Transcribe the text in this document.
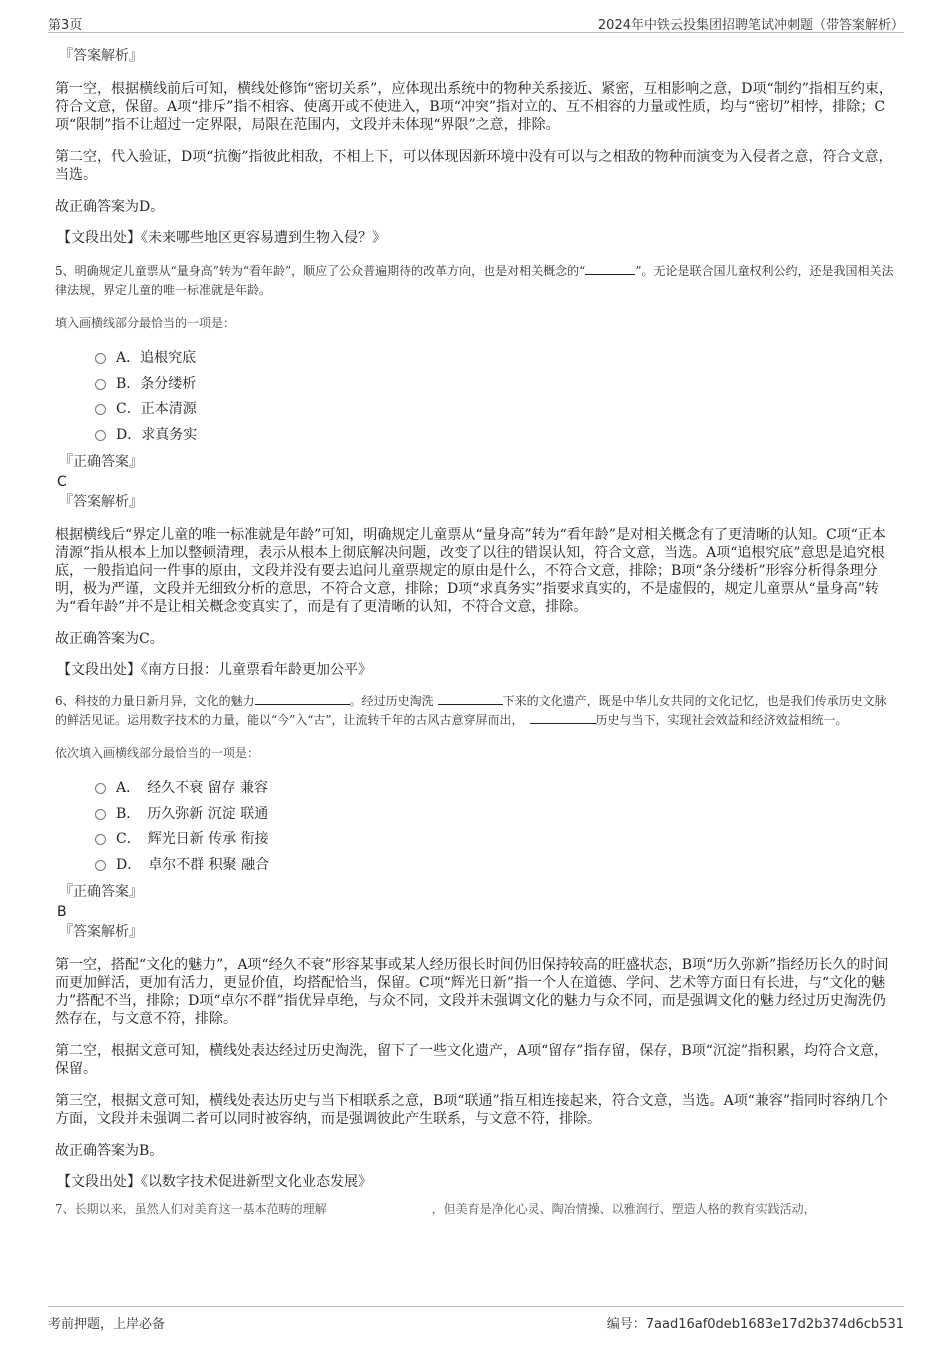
第3页	2024年中铁云投集团招聘笔试冲刺题（带答案解析）

『答案解析』

第一空，根据横线前后可知，横线处修饰“密切关系”，应体现出系统中的物种关系接近、紧密，互相影响之意，D项“制约”指相互约束，符合文意，保留。A项“排斥”指不相容、使离开或不使进入，B项“冲突”指对立的、互不相容的力量或性质，均与“密切”相悖，排除；C项“限制”指不让超过一定界限，局限在范围内，文段并未体现“界限”之意，排除。

第二空，代入验证，D项“抗衡”指彼此相敌，不相上下，可以体现因新环境中没有可以与之相敌的物种而演变为入侵者之意，符合文意，当选。

故正确答案为D。

【文段出处】《未来哪些地区更容易遭到生物入侵？》

5、明确规定儿童票从“量身高”转为“看年龄”，顺应了公众普遍期待的改革方向，也是对相关概念的“	”。无论是联合国儿童权利公约，还是我国相关法律法规，界定儿童的唯一标准就是年龄。

填入画横线部分最恰当的一项是：

A．追根究底
B．条分缕析
C．正本清源
D．求真务实

『正确答案』

C

『答案解析』

根据横线后“界定儿童的唯一标准就是年龄”可知，明确规定儿童票从“量身高”转为“看年龄”是对相关概念有了更清晰的认知。C项“正本清源”指从根本上加以整顿清理，表示从根本上彻底解决问题，改变了以往的错误认知，符合文意，当选。A项“追根究底”意思是追究根底，一般指追问一件事的原由，文段并没有要去追问儿童票规定的原由是什么，不符合文意，排除；B项“条分缕析”形容分析得条理分明，极为严谨，文段并无细致分析的意思，不符合文意，排除；D项“求真务实”指要求真实的，不是虚假的，规定儿童票从“量身高”转为“看年龄”并不是让相关概念变真实了，而是有了更清晰的认知，不符合文意，排除。

故正确答案为C。

【文段出处】《南方日报：儿童票看年龄更加公平》

6、科技的力量日新月异，文化的魅力	。经过历史淘洗	下来的文化遗产，既是中华儿女共同的文化记忆，也是我们传承历史文脉的鲜活见证。运用数字技术的力量，能以“今”入“古”，让流转千年的古风古意穿屏而出，	历史与当下，实现社会效益和经济效益相统一。

依次填入画横线部分最恰当的一项是：

A．　经久不衰 留存 兼容
B．　历久弥新 沉淀 联通
C．　辉光日新 传承 衔接
D．　卓尔不群 积聚 融合

『正确答案』

B

『答案解析』

第一空，搭配“文化的魅力”，A项“经久不衰”形容某事或某人经历很长时间仍旧保持较高的旺盛状态，B项“历久弥新”指经历长久的时间而更加鲜活，更加有活力，更显价值，均搭配恰当，保留。C项“辉光日新”指一个人在道德、学问、艺术等方面日有长进，与“文化的魅力”搭配不当，排除；D项“卓尔不群”指优异卓绝，与众不同，文段并未强调文化的魅力与众不同，而是强调文化的魅力经过历史淘洗仍然存在，与文意不符，排除。

第二空，根据文意可知，横线处表达经过历史淘洗，留下了一些文化遗产，A项“留存”指存留，保存，B项“沉淀”指积累，均符合文意，保留。

第三空，根据文意可知，横线处表达历史与当下相联系之意，B项“联通”指互相连接起来，符合文意，当选。A项“兼容”指同时容纳几个方面，文段并未强调二者可以同时被容纳，而是强调彼此产生联系，与文意不符，排除。

故正确答案为B。

【文段出处】《以数字技术促进新型文化业态发展》

7、长期以来，虽然人们对美育这一基本范畴的理解	，但美育是净化心灵、陶冶情操、以雅润行、塑造人格的教育实践活动，

考前押题，上岸必备	编号：7aad16af0deb1683e17d2b374d6cb531
